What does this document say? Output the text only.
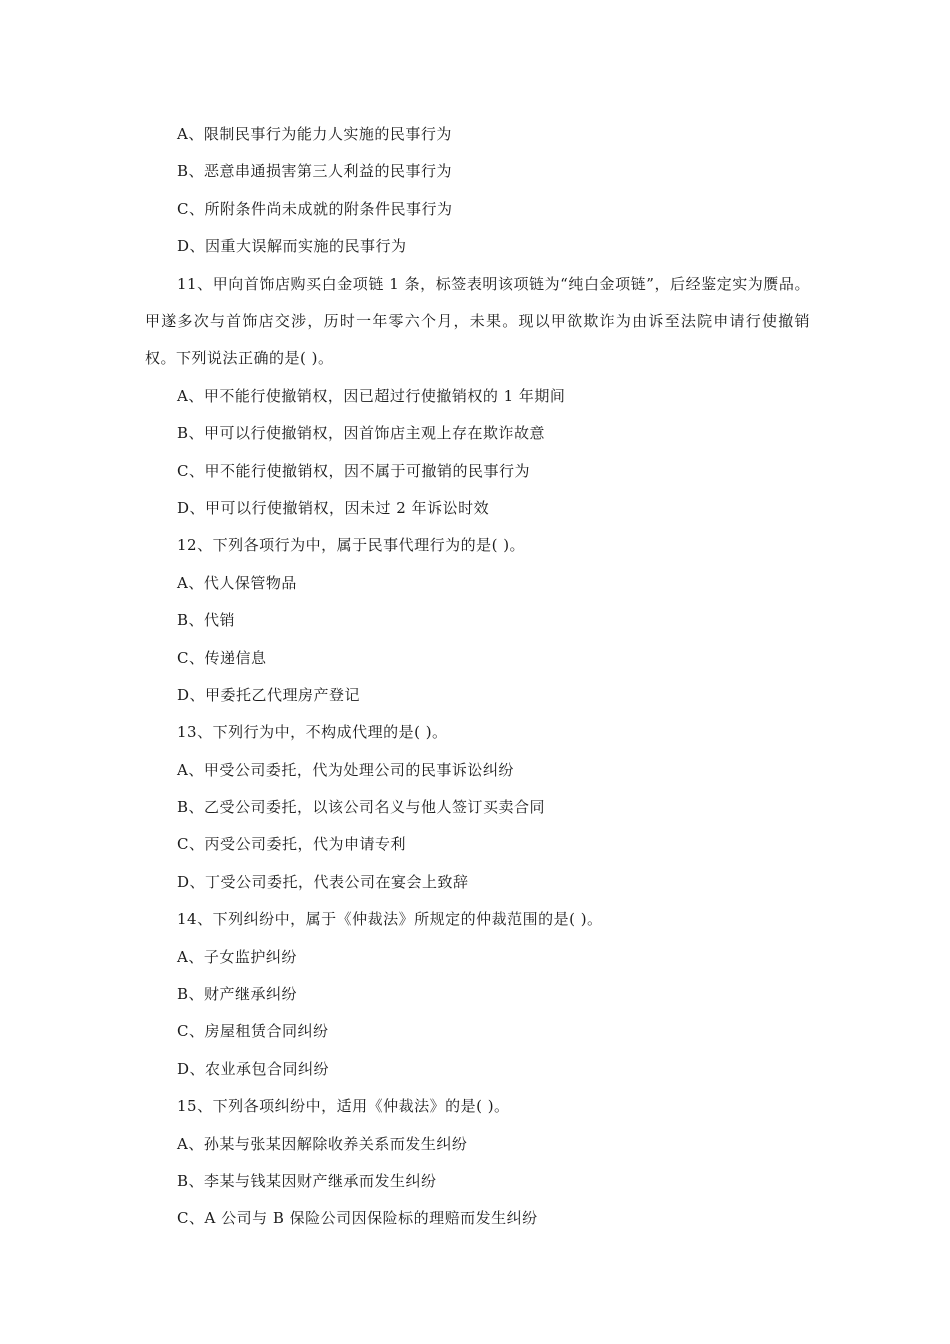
A、限制民事行为能力人实施的民事行为
B、恶意串通损害第三人利益的民事行为
C、所附条件尚未成就的附条件民事行为
D、因重大误解而实施的民事行为

11、甲向首饰店购买白金项链 1 条，标签表明该项链为“纯白金项链”，后经鉴定实为赝品。甲遂多次与首饰店交涉，历时一年零六个月，未果。现以甲欲欺诈为由诉至法院申请行使撤销权。下列说法正确的是( )。

A、甲不能行使撤销权，因已超过行使撤销权的 1 年期间
B、甲可以行使撤销权，因首饰店主观上存在欺诈故意
C、甲不能行使撤销权，因不属于可撤销的民事行为
D、甲可以行使撤销权，因未过 2 年诉讼时效
12、下列各项行为中，属于民事代理行为的是( )。
A、代人保管物品
B、代销
C、传递信息
D、甲委托乙代理房产登记
13、下列行为中，不构成代理的是( )。
A、甲受公司委托，代为处理公司的民事诉讼纠纷
B、乙受公司委托，以该公司名义与他人签订买卖合同
C、丙受公司委托，代为申请专利
D、丁受公司委托，代表公司在宴会上致辞
14、下列纠纷中，属于《仲裁法》所规定的仲裁范围的是( )。
A、子女监护纠纷
B、财产继承纠纷
C、房屋租赁合同纠纷
D、农业承包合同纠纷
15、下列各项纠纷中，适用《仲裁法》的是( )。
A、孙某与张某因解除收养关系而发生纠纷
B、李某与钱某因财产继承而发生纠纷
C、A 公司与 B 保险公司因保险标的理赔而发生纠纷
